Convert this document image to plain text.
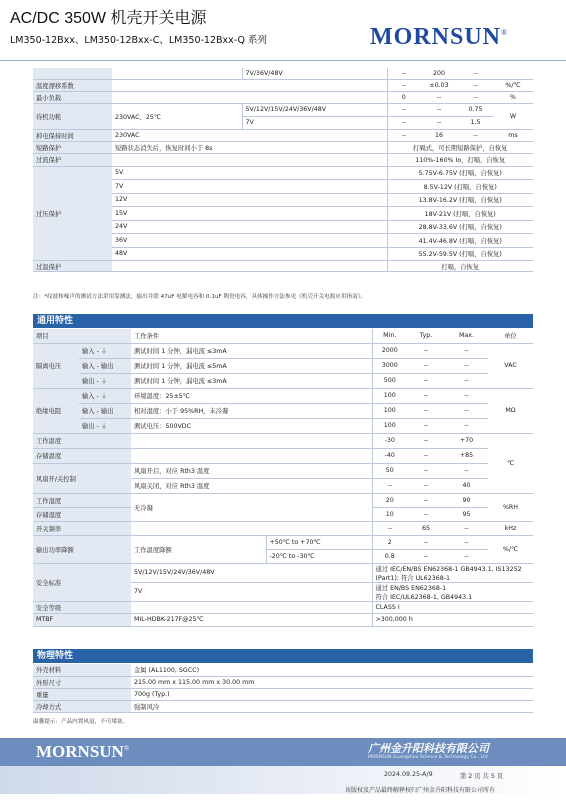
AC/DC 350W 机壳开关电源
LM350-12Bxx、LM350-12Bxx-C、LM350-12Bxx-Q 系列	MORNSUN®
		7V/36V/48V	--	200	--	
温度漂移系数			--	±0.03	--	%/℃
最小负载			0	--	--	%
待机功耗	230VAC、25℃	5V/12V/15V/24V/36V/48V	--	--	0.75	W
		7V	--	--	1.5	
掉电保持时间	230VAC		--	16	--	ms
短路保护	短路状态消失后，恢复时间小于 8s		打嗝式，可长期短路保护，自恢复			
过流保护			110%-160% Io，打嗝，自恢复			
过压保护	5V		5.75V-6.75V (打嗝，自恢复)			
	7V		8.5V-12V (打嗝，自恢复)			
	12V		13.8V-16.2V (打嗝，自恢复)			
	15V		18V-21V (打嗝，自恢复)			
	24V		28.8V-33.6V (打嗝，自恢复)			
	36V		41.4V-46.8V (打嗝，自恢复)			
	48V		55.2V-59.5V (打嗝，自恢复)			
过温保护			打嗝，自恢复			
注：*纹波和噪声的测试方法采用靠测法，输出并联 47uF 电解电容和 0.1uF 陶瓷电容，具体操作方法参见《机壳开关电源应用指南》。
通用特性
项目		工作条件		Min.	Typ.	Max.	单位
隔离电压	输入 - ⏚	测试时间 1 分钟，漏电流 ≤3mA		2000	--	--	VAC
	输入 - 输出	测试时间 1 分钟，漏电流 ≤5mA		3000	--	--	
	输出 - ⏚	测试时间 1 分钟，漏电流 ≤3mA		500	--	--	
绝缘电阻	输入 - ⏚	环境温度：25±5℃		100	--	--	MΩ
	输入 - 输出	相对湿度：小于 95%RH，未冷凝		100	--	--	
	输出 - ⏚	测试电压：500VDC		100	--	--	
工作温度				-30	--	+70	℃
存储温度				-40	--	+85	
风扇开/关控制		风扇开启，对应 Rth3 温度		50	--	--	
		风扇关闭，对应 Rth3 温度		--	--	40	
工作湿度		无冷凝		20	--	90	%RH
存储湿度				10	--	95	
开关频率				--	65	--	kHz
输出功率降额		工作温度降额	+50℃ to +70℃	2	--	--	%/℃
			-20℃ to -30℃	0.8	--	--	
安全标准		5V/12V/15V/24V/36V/48V		通过 IEC/EN/BS EN62368-1 GB4943.1, IS13252
(Part1); 符合 UL62368-1			
		7V		通过 EN/BS EN62368-1
符合 IEC/UL62368-1, GB4943.1			
安全等级				CLASS I			
MTBF		MIL-HDBK-217F@25℃		>300,000 h			
物理特性
外壳材料	金属 (AL1100, SGCC)
外形尺寸	215.00 mm x 115.00 mm x 30.00 mm
重量	700g (Typ.)
冷却方式	强制风冷
温馨提示：产品内置风扇，不可堵塞。
MORNSUN®	广州金升阳科技有限公司
MORNSUN Guangzhou Science & Technology Co., Ltd.
2024.09.25-A/9	第 2 页 共 5 页
该版权及产品最终解释权归广州金升阳科技有限公司所有
